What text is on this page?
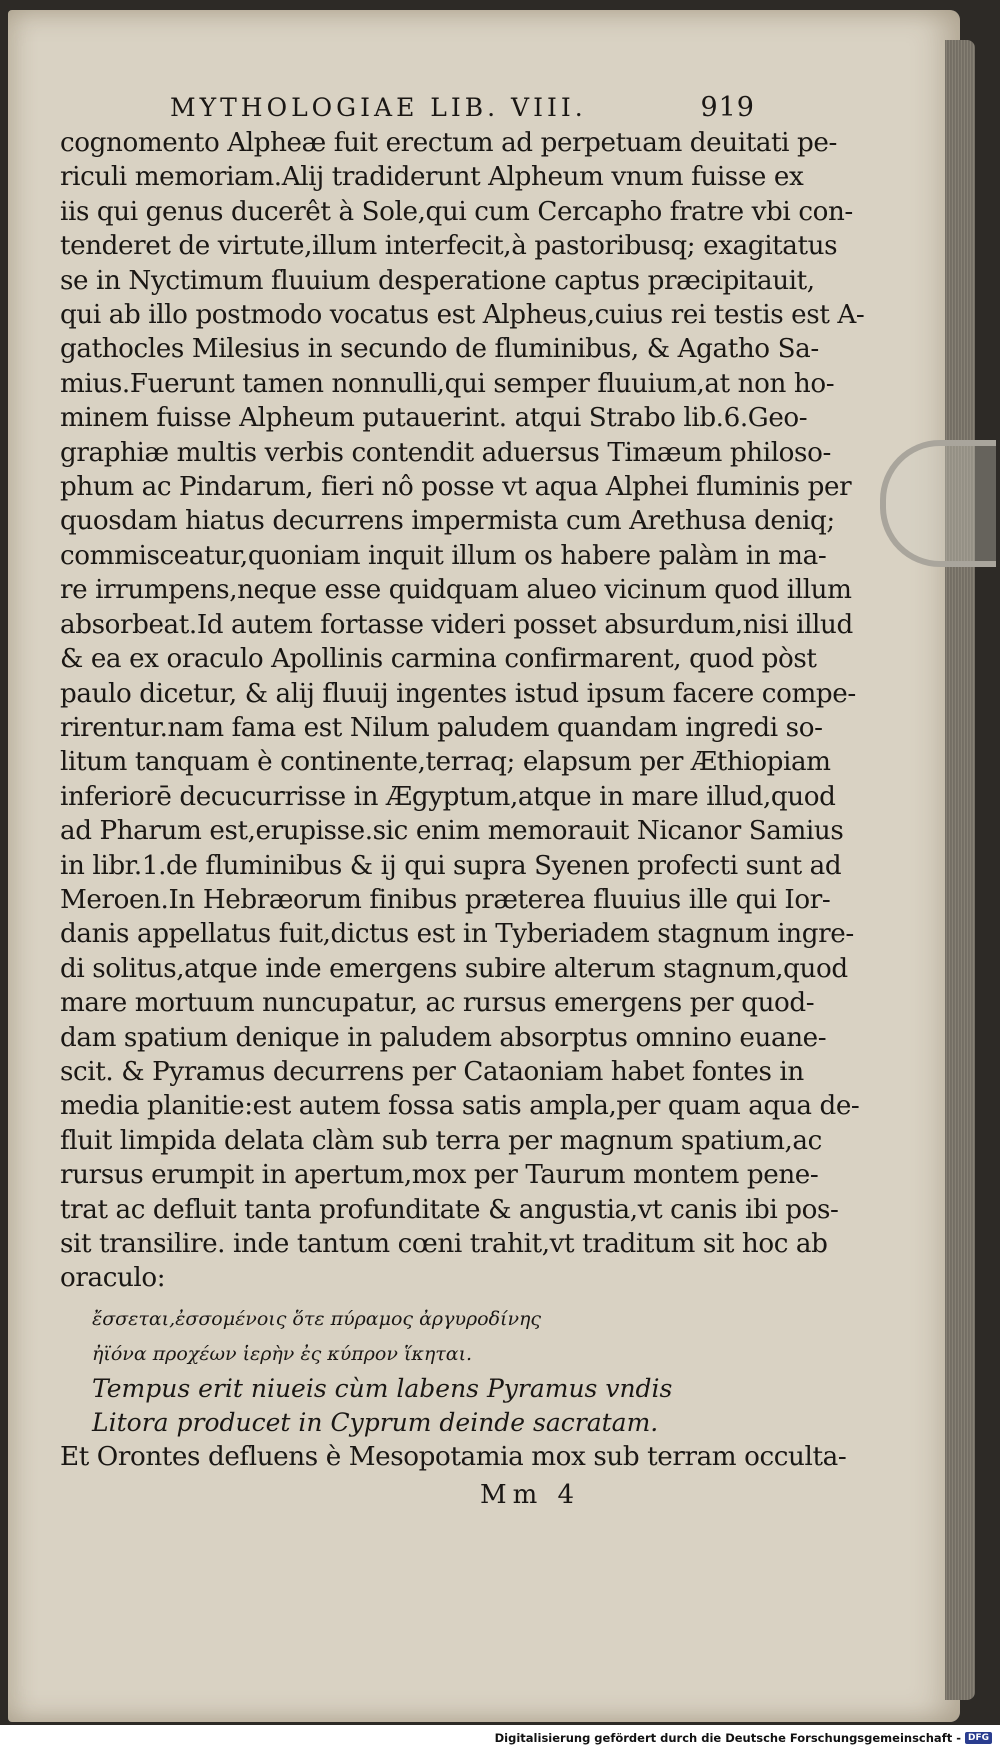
MYTHOLOGIAE LIB. VIII.	919
cognomento Alpheæ fuit erectum ad perpetuam deuitati pe-
riculi memoriam.Alij tradiderunt Alpheum vnum fuisse ex
iis qui genus ducerêt à Sole,qui cum Cercapho fratre vbi con-
tenderet de virtute,illum interfecit,à pastoribusq; exagitatus
se in Nyctimum fluuium desperatione captus præcipitauit,
qui ab illo postmodo vocatus est Alpheus,cuius rei testis est A-
gathocles Milesius in secundo de fluminibus, & Agatho Sa-
mius.Fuerunt tamen nonnulli,qui semper fluuium,at non ho-
minem fuisse Alpheum putauerint. atqui Strabo lib.6.Geo-
graphiæ multis verbis contendit aduersus Timæum philoso-
phum ac Pindarum, fieri nô posse vt aqua Alphei fluminis per
quosdam hiatus decurrens impermista cum Arethusa deniq;
commisceatur,quoniam inquit illum os habere palàm in ma-
re irrumpens,neque esse quidquam alueo vicinum quod illum
absorbeat.Id autem fortasse videri posset absurdum,nisi illud
& ea ex oraculo Apollinis carmina confirmarent, quod pòst
paulo dicetur, & alij fluuij ingentes istud ipsum facere compe-
rirentur.nam fama est Nilum paludem quandam ingredi so-
litum tanquam è continente,terraq; elapsum per Æthiopiam
inferiorē decucurrisse in Ægyptum,atque in mare illud,quod
ad Pharum est,erupisse.sic enim memorauit Nicanor Samius
in libr.1.de fluminibus & ij qui supra Syenen profecti sunt ad
Meroen.In Hebræorum finibus præterea fluuius ille qui Ior-
danis appellatus fuit,dictus est in Tyberiadem stagnum ingre-
di solitus,atque inde emergens subire alterum stagnum,quod
mare mortuum nuncupatur, ac rursus emergens per quod-
dam spatium denique in paludem absorptus omnino euane-
scit. & Pyramus decurrens per Cataoniam habet fontes in
media planitie:est autem fossa satis ampla,per quam aqua de-
fluit limpida delata clàm sub terra per magnum spatium,ac
rursus erumpit in apertum,mox per Taurum montem pene-
trat ac defluit tanta profunditate & angustia,vt canis ibi pos-
sit transilire. inde tantum cœni trahit,vt traditum sit hoc ab
oraculo:
ἔσσεται,ἐσσομένοις ὅτε πύραμος ἀργυροδίνης
ἠϊόνα προχέων ἱερὴν ἐς κύπρον ἵκηται.
Tempus erit niueis cùm labens Pyramus vndis
Litora producet in Cyprum deinde sacratam.
Et Orontes defluens è Mesopotamia mox sub terram occulta-
Mm 4
Digitalisierung gefördert durch die Deutsche Forschungsgemeinschaft - DFG
